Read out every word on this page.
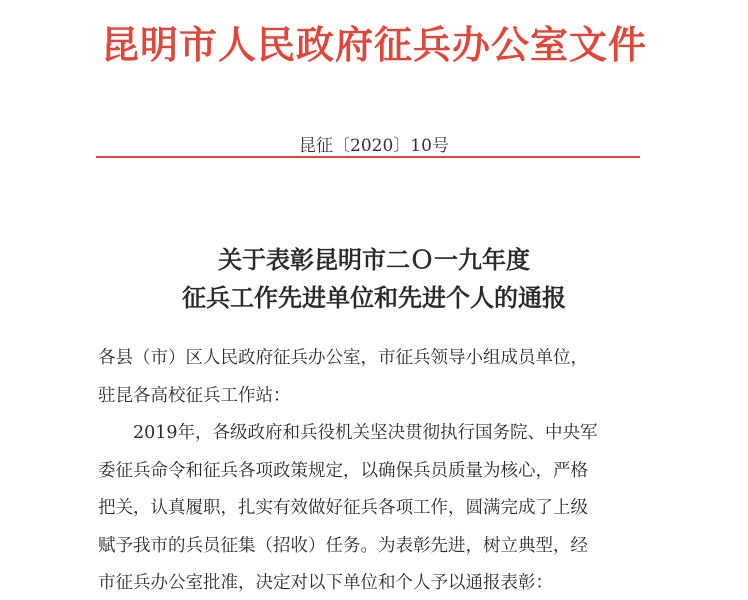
昆明市人民政府征兵办公室文件
昆征〔2020〕10号
关于表彰昆明市二Ｏ一九年度
征兵工作先进单位和先进个人的通报
各县（市）区人民政府征兵办公室，市征兵领导小组成员单位，
驻昆各高校征兵工作站：
2019年，各级政府和兵役机关坚决贯彻执行国务院、中央军
委征兵命令和征兵各项政策规定，以确保兵员质量为核心，严格
把关，认真履职，扎实有效做好征兵各项工作，圆满完成了上级
赋予我市的兵员征集（招收）任务。为表彰先进，树立典型，经
市征兵办公室批准，决定对以下单位和个人予以通报表彰：
